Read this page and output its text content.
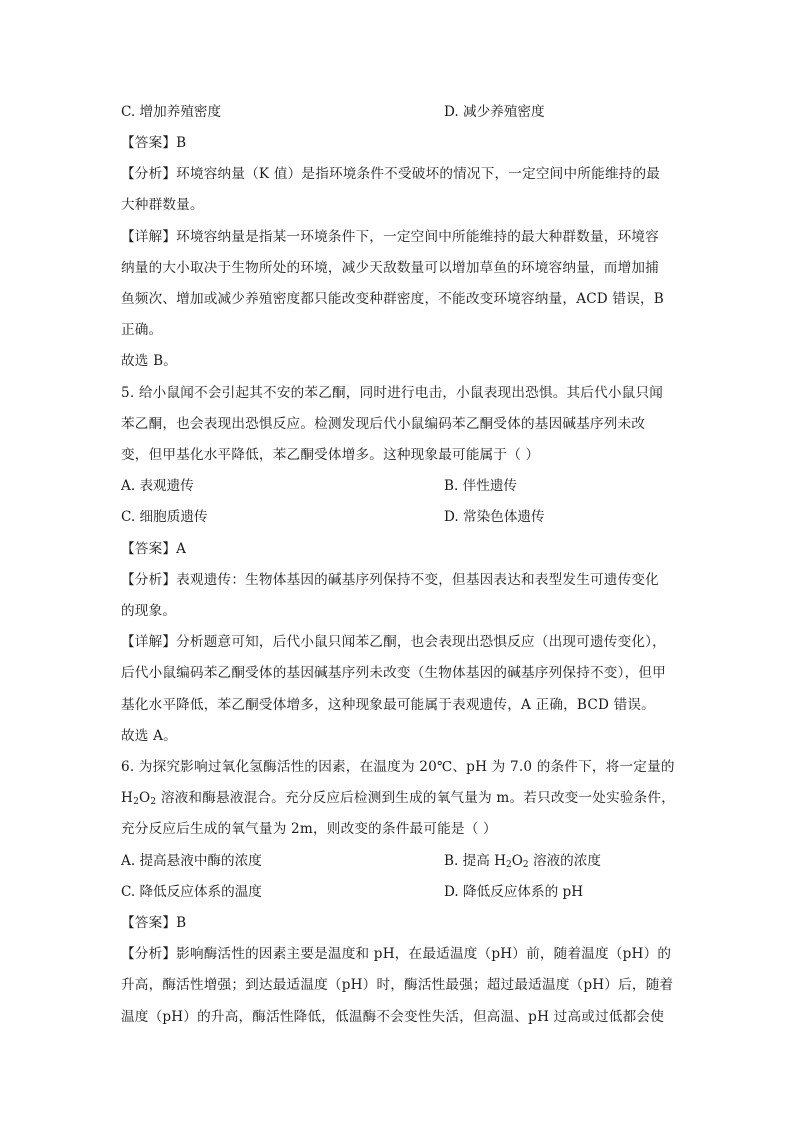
C. 增加养殖密度	D. 减少养殖密度
【答案】B
【分析】环境容纳量（K 值）是指环境条件不受破坏的情况下，一定空间中所能维持的最
大种群数量。
【详解】环境容纳量是指某一环境条件下，一定空间中所能维持的最大种群数量，环境容
纳量的大小取决于生物所处的环境，减少天敌数量可以增加草鱼的环境容纳量，而增加捕
鱼频次、增加或减少养殖密度都只能改变种群密度，不能改变环境容纳量，ACD 错误，B
正确。
故选 B。
5. 给小鼠闻不会引起其不安的苯乙酮，同时进行电击，小鼠表现出恐惧。其后代小鼠只闻
苯乙酮，也会表现出恐惧反应。检测发现后代小鼠编码苯乙酮受体的基因碱基序列未改
变，但甲基化水平降低，苯乙酮受体增多。这种现象最可能属于（ ）
A. 表观遗传	B. 伴性遗传
C. 细胞质遗传	D. 常染色体遗传
【答案】A
【分析】表观遗传：生物体基因的碱基序列保持不变，但基因表达和表型发生可遗传变化
的现象。
【详解】分析题意可知，后代小鼠只闻苯乙酮，也会表现出恐惧反应（出现可遗传变化），
后代小鼠编码苯乙酮受体的基因碱基序列未改变（生物体基因的碱基序列保持不变），但甲
基化水平降低，苯乙酮受体增多，这种现象最可能属于表观遗传，A 正确，BCD 错误。
故选 A。
6. 为探究影响过氧化氢酶活性的因素，在温度为 20℃、pH 为 7.0 的条件下，将一定量的
$H_2O_2$ 溶液和酶悬液混合。充分反应后检测到生成的氧气量为 m。若只改变一处实验条件，
充分反应后生成的氧气量为 2m，则改变的条件最可能是（ ）
A. 提高悬液中酶的浓度	B. 提高 $H_2O_2$ 溶液的浓度
C. 降低反应体系的温度	D. 降低反应体系的 pH
【答案】B
【分析】影响酶活性的因素主要是温度和 pH，在最适温度（pH）前，随着温度（pH）的
升高，酶活性增强；到达最适温度（pH）时，酶活性最强；超过最适温度（pH）后，随着
温度（pH）的升高，酶活性降低，低温酶不会变性失活，但高温、pH 过高或过低都会使
